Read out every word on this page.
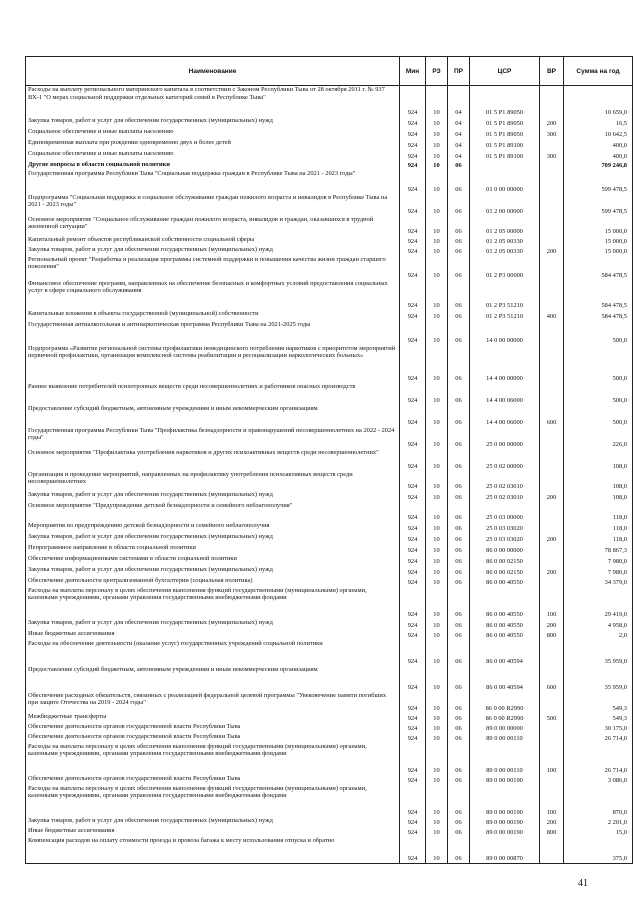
Наименование	Мин	РЗ	ПР	ЦСР	ВР	Сумма на год
Расходы на выплату регионального материнского капитала в соответствии с Законом Республики Тыва от 28 октября 2011 г. № 937 ВХ-1 "О мерах социальной поддержки отдельных категорий семей в Республике Тыва"	924	10	04	01 5 P1 89050		10 659,0
Закупка товаров, работ и услуг для обеспечения государственных (муниципальных) нужд	924	10	04	01 5 P1 89050	200	16,5
Социальное обеспечение и иные выплаты населению	924	10	04	01 5 P1 89050	300	10 642,5
Единовременная выплата при рождении одновременно двух и более детей	924	10	04	01 5 P1 89100		400,0
Социальное обеспечение и иные выплаты населению	924	10	04	01 5 P1 89100	300	400,0
Другие вопросы в области социальной политики	924	10	06			709 246,8
Государственная программа Республики Тыва "Социальная поддержка граждан в Республике Тыва на 2021 - 2023 годы"	924	10	06	01 0 00 00000		599 478,5
Подпрограмма "Социальная поддержка и социальное обслуживание граждан пожилого возраста и инвалидов в Республике Тыва на 2021 - 2023 годы"	924	10	06	01 2 00 00000		599 478,5
Основное мероприятие "Социальное обслуживание граждан пожилого возраста, инвалидов и граждан, оказавшихся в трудной жизненной ситуации"	924	10	06	01 2 05 00000		15 000,0
Капитальный ремонт объектов республиканской собственности социальной сферы	924	10	06	01 2 05 00330		15 000,0
Закупка товаров, работ и услуг для обеспечения государственных (муниципальных) нужд	924	10	06	01 2 05 00330	200	15 000,0
Региональный проект "Разработка и реализация программы системной поддержки и повышения качества жизни граждан старшего поколения"	924	10	06	01 2 P3 00000		584 478,5
Финансовое обеспечение программ, направленных на обеспечение безопасных и комфортных условий предоставления социальных услуг в сфере социального обслуживания	924	10	06	01 2 P3 51210		584 478,5
Капитальные вложения в объекты государственной (муниципальной) собственности	924	10	06	01 2 P3 51210	400	584 478,5
Государственная антиалкогольная и антинаркотическая программа Республики Тыва на 2021-2025 годы	924	10	06	14 0 00 00000		500,0
Подпрограмма «Развитие региональной системы профилактики немедицинского потребления наркотиков с приоритетом мероприятий первичной профилактики, организация комплексной системы реабилитации и ресоциализации наркологических больных»	924	10	06	14 4 00 00000		500,0
Раннее выявление потребителей психотропных веществ среди несовершеннолетних и работников опасных производств	924	10	06	14 4 00 06000		500,0
Предоставление субсидий бюджетным, автономным учреждениям и иным некоммерческим организациям	924	10	06	14 4 00 06000	600	500,0
Государственная программа Республики Тыва "Профилактика безнадзорности и правонарушений несовершеннолетних на 2022 - 2024 годы"	924	10	06	25 0 00 00000		226,0
Основное мероприятие "Профилактика употребления наркотиков и других психоактивных веществ среди несовершеннолетних"	924	10	06	25 0 02 00000		108,0
Организация и проведение мероприятий, направленных на профилактику употребления психоактивных веществ среди несовершеннолетних	924	10	06	25 0 02 03010		108,0
Закупка товаров, работ и услуг для обеспечения государственных (муниципальных) нужд	924	10	06	25 0 02 03010	200	108,0
Основное мероприятие "Предупреждение детской безнадзорности и семейного неблагополучия"	924	10	06	25 0 03 00000		118,0
Мероприятия по предупреждению детской безнадзорности и семейного неблагополучия	924	10	06	25 0 03 03020		118,0
Закупка товаров, работ и услуг для обеспечения государственных (муниципальных) нужд	924	10	06	25 0 03 03020	200	118,0
Непрограммное направление в области социальной политики	924	10	06	86 0 00 00000		78 867,3
Обеспечение информационными системами в области социальной политики	924	10	06	86 0 00 02150		7 980,0
Закупка товаров, работ и услуг для обеспечения государственных (муниципальных) нужд	924	10	06	86 0 00 02150	200	7 980,0
Обеспечение деятельности централизованной бухгалтерии (социальная политика)	924	10	06	86 0 00 40550		34 379,0
Расходы на выплаты персоналу в целях обеспечения выполнения функций государственными (муниципальными) органами, казенными учреждениями, органами управления государственными внебюджетными фондами	924	10	06	86 0 00 40550	100	29 419,0
Закупка товаров, работ и услуг для обеспечения государственных (муниципальных) нужд	924	10	06	86 0 00 40550	200	4 958,0
Иные бюджетные ассигнования	924	10	06	86 0 00 40550	800	2,0
Расходы на обеспечение деятельности (оказание услуг) государственных учреждений социальной политики	924	10	06	86 0 00 40594		35 959,0
Предоставление субсидий бюджетным, автономным учреждениям и иным некоммерческим организациям	924	10	06	86 0 00 40594	600	35 959,0
Обеспечение расходных обязательств, связанных с реализацией федеральной целевой программы "Увековечение памяти погибших при защите Отечества на 2019 - 2024 годы"	924	10	06	86 0 00 R2990		549,3
Межбюджетные трансферты	924	10	06	86 0 00 R2990	500	549,3
Обеспечение деятельности органов государственной власти Республики Тыва	924	10	06	89 0 00 00000		30 175,0
Обеспечение деятельности органов государственной власти Республики Тыва	924	10	06	89 0 00 00110		26 714,0
Расходы на выплаты персоналу в целях обеспечения выполнения функций государственными (муниципальными) органами, казенными учреждениями, органами управления государственными внебюджетными фондами	924	10	06	89 0 00 00110	100	26 714,0
Обеспечение деятельности органов государственной власти Республики Тыва	924	10	06	89 0 00 00190		3 086,0
Расходы на выплаты персоналу в целях обеспечения выполнения функций государственными (муниципальными) органами, казенными учреждениями, органами управления государственными внебюджетными фондами	924	10	06	89 0 00 00190	100	870,0
Закупка товаров, работ и услуг для обеспечения государственных (муниципальных) нужд	924	10	06	89 0 00 00190	200	2 201,0
Иные бюджетные ассигнования	924	10	06	89 0 00 00190	800	15,0
Компенсация расходов на оплату стоимости проезда и провоза багажа к месту использования отпуска и обратно	924	10	06	89 0 00 00870		375,0
41
